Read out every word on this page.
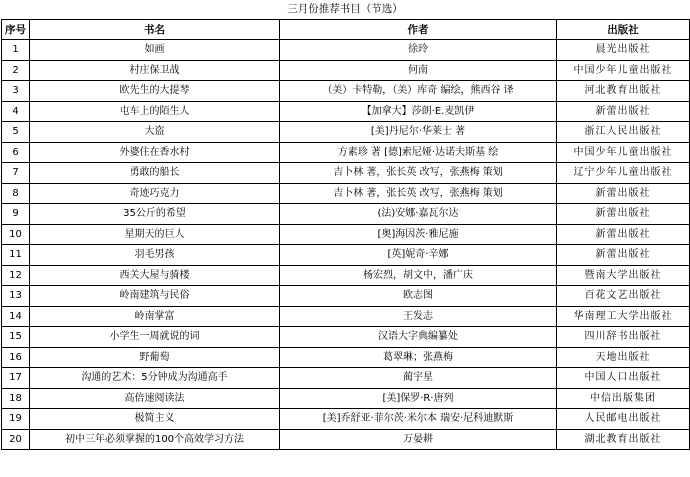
三月份推荐书目（节选）
序号	书名	作者	出版社
1	如画	徐玲	晨光出版社
2	村庄保卫战	何南	中国少年儿童出版社
3	欧先生的大提琴	（美）卡特勒，（美）库奇 编绘，熊西谷 译	河北教育出版社
4	屯车上的陌生人	【加拿大】莎朗·E.麦凯伊	新蕾出版社
5	大盗	[美]丹尼尔·华莱士 著	浙江人民出版社
6	外婆住在香水村	方素珍 著 [德]索尼娅·达诺夫斯基 绘	中国少年儿童出版社
7	勇敢的船长	吉卜林 著，张长英 改写，张燕梅 策划	辽宁少年儿童出版社
8	奇迹巧克力	吉卜林 著，张长英 改写，张燕梅 策划	新蕾出版社
9	35公斤的希望	(法)安娜·嘉瓦尔达	新蕾出版社
10	星期天的巨人	[奥]海因茨·雅尼施	新蕾出版社
11	羽毛男孩	[英]妮奇·辛娜	新蕾出版社
12	西关大屋与骑楼	杨宏烈，胡文中，潘广庆	暨南大学出版社
13	岭南建筑与民俗	欧志图	百花文艺出版社
14	岭南掌富	王发志	华南理工大学出版社
15	小学生一周就说的词	汉语大字典编纂处	四川辞书出版社
16	野葡萄	葛翠琳；张燕梅	天地出版社
17	沟通的艺术：5分钟成为沟通高手	蔺宇星	中国人口出版社
18	高倍速阅读法	[美]保罗·R·唐列	中信出版集团
19	极简主义	[美]乔舒亚·菲尔茨·米尔本 瑞安·尼科迪默斯	人民邮电出版社
20	初中三年必须掌握的100个高效学习方法	万晏耕	湖北教育出版社
